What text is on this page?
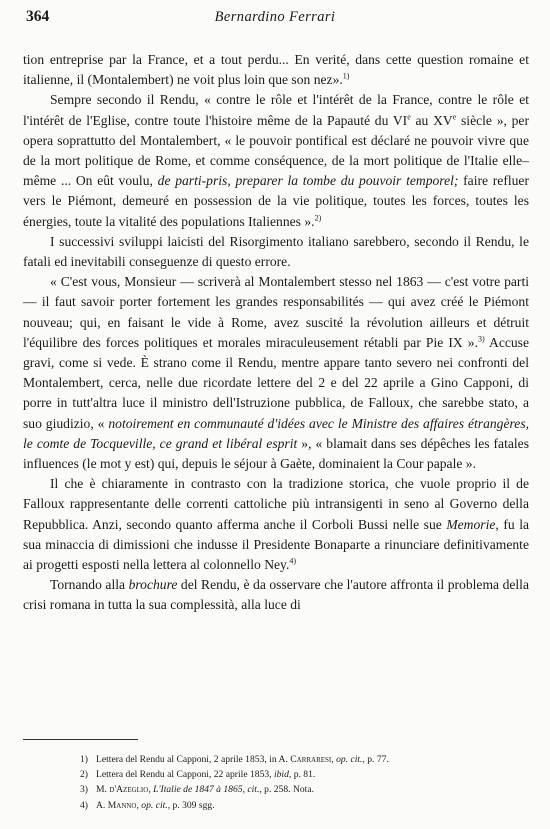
364	Bernardino Ferrari

tion entreprise par la France, et a tout perdu... En verité, dans cette question romaine et italienne, il (Montalembert) ne voit plus loin que son nez».$^{1)}$

Sempre secondo il Rendu, « contre le rôle et l'intérêt de la France, contre le rôle et l'intérêt de l'Eglise, contre toute l'histoire même de la Papauté du VIe au XVe siècle », per opera soprattutto del Montalembert, « le pouvoir pontifical est déclaré ne pouvoir vivre que de la mort politique de Rome, et comme conséquence, de la mort politique de l'Italie elle–même ... On eût voulu, de parti-pris, preparer la tombe du pouvoir temporel; faire refluer vers le Piémont, demeuré en possession de la vie politique, toutes les forces, toutes les énergies, toute la vitalité des populations Italiennes ».$^{2)}$

I successivi sviluppi laicisti del Risorgimento italiano sarebbero, secondo il Rendu, le fatali ed inevitabili conseguenze di questo errore.

« C'est vous, Monsieur — scriverà al Montalembert stesso nel 1863 — c'est votre parti — il faut savoir porter fortement les grandes responsabilités — qui avez créé le Piémont nouveau; qui, en faisant le vide à Rome, avez suscité la révolution ailleurs et détruit l'équilibre des forces politiques et morales miraculeusement rétabli par Pie IX ».$^{3)}$ Accuse gravi, come si vede. È strano come il Rendu, mentre appare tanto severo nei confronti del Montalembert, cerca, nelle due ricordate lettere del 2 e del 22 aprile a Gino Capponi, di porre in tutt'altra luce il ministro dell'Istruzione pubblica, de Falloux, che sarebbe stato, a suo giudizio, « notoirement en communauté d'idées avec le Ministre des affaires étrangères, le comte de Tocqueville, ce grand et libéral esprit », « blamait dans ses dépêches les fatales influences (le mot y est) qui, depuis le séjour à Gaète, dominaient la Cour papale ».

Il che è chiaramente in contrasto con la tradizione storica, che vuole proprio il de Falloux rappresentante delle correnti cattoliche più intransigenti in seno al Governo della Repubblica. Anzi, secondo quanto afferma anche il Corboli Bussi nelle sue Memorie, fu la sua minaccia di dimissioni che indusse il Presidente Bonaparte a rinunciare definitivamente ai progetti esposti nella lettera al colonnello Ney.$^{4)}$

Tornando alla brochure del Rendu, è da osservare che l'autore affronta il problema della crisi romana in tutta la sua complessità, alla luce di

1) Lettera del Rendu al Capponi, 2 aprile 1853, in A. Carraresi, op. cit., p. 77.
2) Lettera del Rendu al Capponi, 22 aprile 1853, ibid, p. 81.
3) M. d'Azeglio, L'Italie de 1847 à 1865, cit., p. 258. Nota.
4) A. Manno, op. cit., p. 309 sgg.
